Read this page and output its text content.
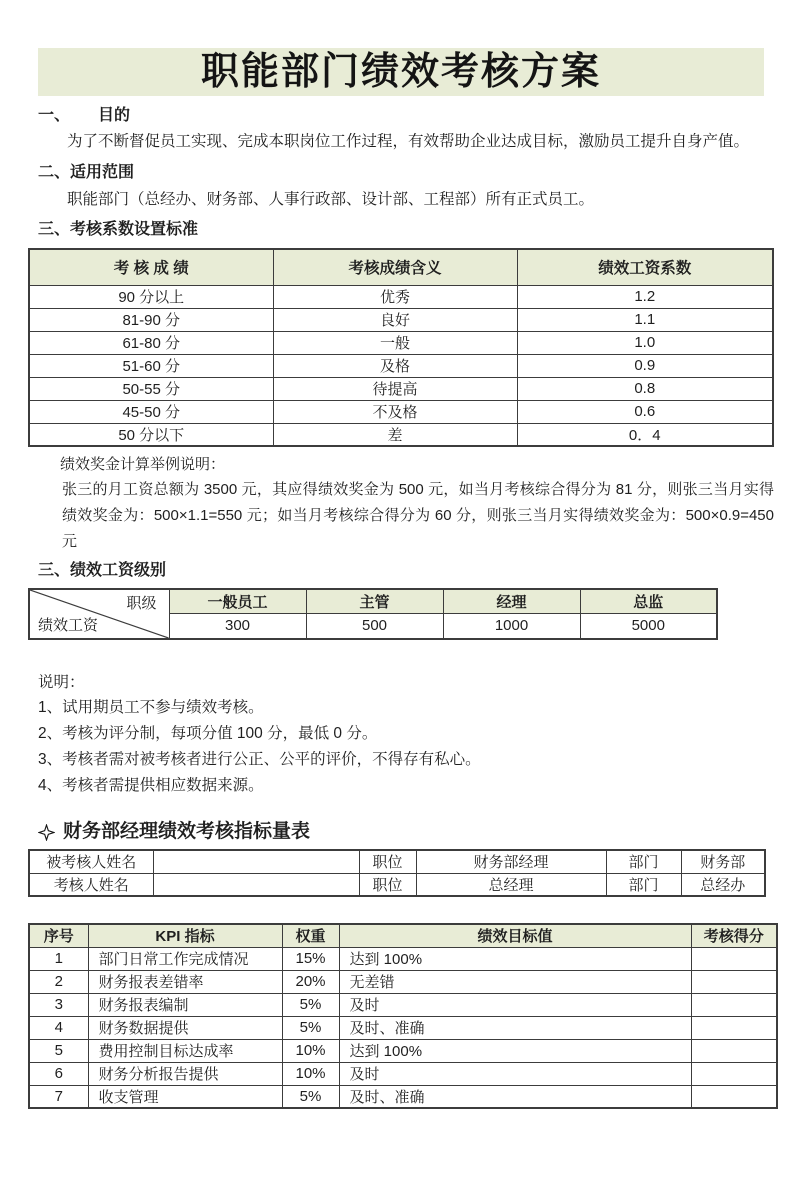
职能部门绩效考核方案
一、 目的
为了不断督促员工实现、完成本职岗位工作过程，有效帮助企业达成目标，激励员工提升自身产值。
二、适用范围
职能部门（总经办、财务部、人事行政部、设计部、工程部）所有正式员工。
三、考核系数设置标准
考 核 成 绩	考核成绩含义	绩效工资系数
90 分以上	优秀	1.2
81-90 分	良好	1.1
61-80 分	一般	1.0
51-60 分	及格	0.9
50-55 分	待提高	0.8
45-50 分	不及格	0.6
50 分以下	差	0．4
绩效奖金计算举例说明：
张三的月工资总额为 3500 元，其应得绩效奖金为 500 元，如当月考核综合得分为 81 分，则张三当月实得绩效奖金为：500×1.1=550 元；如当月考核综合得分为 60 分，则张三当月实得绩效奖金为：500×0.9=450 元
三、绩效工资级别
职级
绩效工资	一般员工	主管	经理	总监
	300	500	1000	5000
说明：
1、试用期员工不参与绩效考核。
2、考核为评分制，每项分值 100 分，最低 0 分。
3、考核者需对被考核者进行公正、公平的评价，不得存有私心。
4、考核者需提供相应数据来源。
财务部经理绩效考核指标量表
被考核人姓名		职位	财务部经理	部门	财务部
考核人姓名		职位	总经理	部门	总经办
序号	KPI 指标	权重	绩效目标值	考核得分
1	部门日常工作完成情况	15%	达到 100%	
2	财务报表差错率	20%	无差错	
3	财务报表编制	5%	及时	
4	财务数据提供	5%	及时、准确	
5	费用控制目标达成率	10%	达到 100%	
6	财务分析报告提供	10%	及时	
7	收支管理	5%	及时、准确	
